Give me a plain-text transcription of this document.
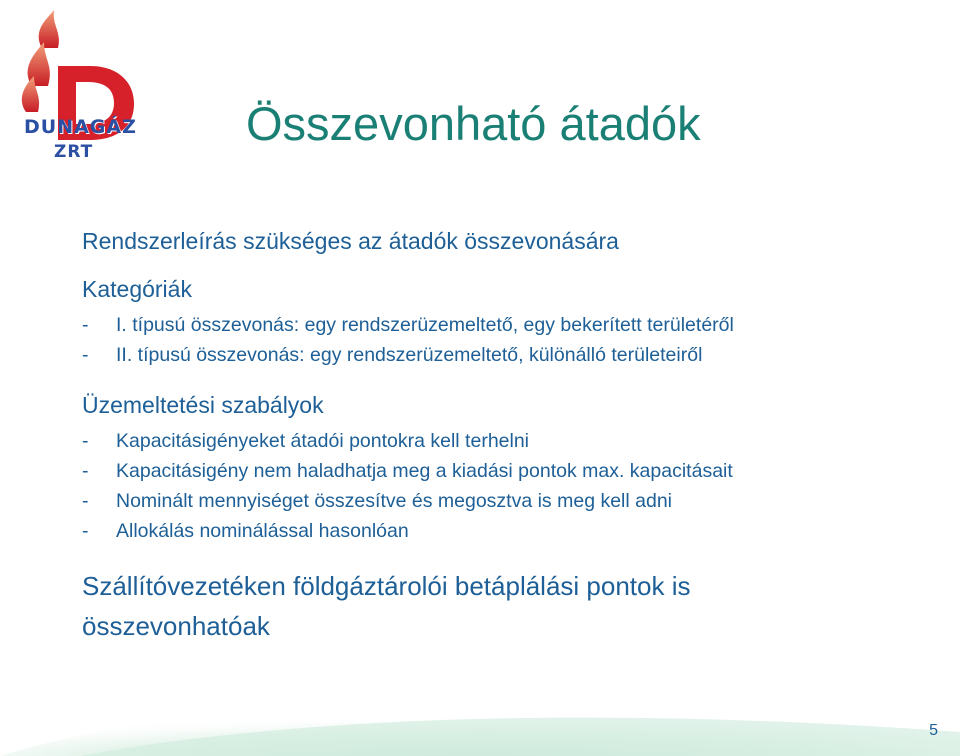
DUNAGÁZ
ZRT
Összevonható átadók
Rendszerleírás szükséges az átadók összevonására
Kategóriák
- I. típusú összevonás: egy rendszerüzemeltető, egy bekerített területéről
- II. típusú összevonás: egy rendszerüzemeltető, különálló területeiről
Üzemeltetési szabályok
- Kapacitásigényeket átadói pontokra kell terhelni
- Kapacitásigény nem haladhatja meg a kiadási pontok max. kapacitásait
- Nominált mennyiséget összesítve és megosztva is meg kell adni
- Allokálás nominálással hasonlóan
Szállítóvezetéken földgáztárolói betáplálási pontok is összevonhatóak
5
